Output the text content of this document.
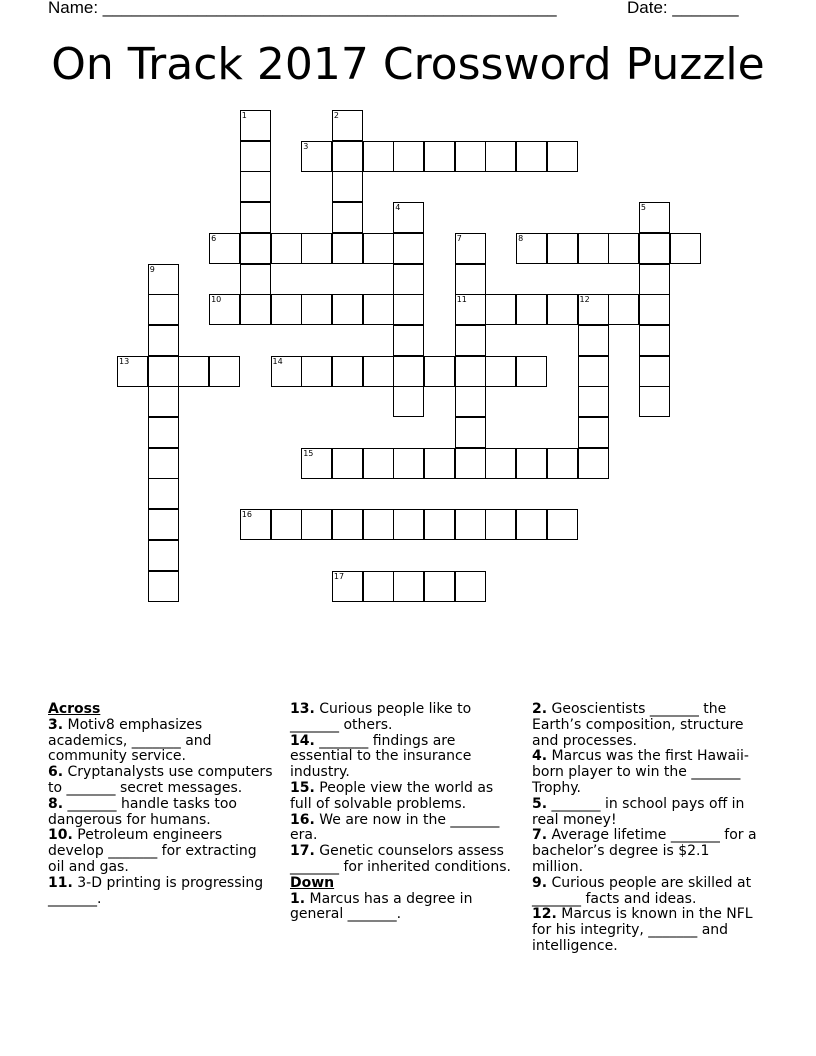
Name: ________________________________________________	Date: _______
On Track 2017 Crossword Puzzle
1	2
3
4	5
6	7
11
8
9
10	12
13	14
15
16
17

Across

3. Motiv8 emphasizes academics, _______ and community service.

6. Cryptanalysts use computers to _______ secret messages.

8. _______ handle tasks too dangerous for humans.

10. Petroleum engineers develop _______ for extracting oil and gas.

11. 3-D printing is progressing _______.

13. Curious people like to _______ others.

14. _______ findings are essential to the insurance industry.

15. People view the world as full of solvable problems.

16. We are now in the _______ era.

17. Genetic counselors assess _______ for inherited conditions.

Down

1. Marcus has a degree in general _______.

2. Geoscientists _______ the Earth’s composition, structure and processes.

4. Marcus was the first Hawaii-born player to win the _______ Trophy.

5. _______ in school pays off in real money!

7. Average lifetime _______ for a bachelor’s degree is $2.1 million.

9. Curious people are skilled at _______ facts and ideas.

12. Marcus is known in the NFL for his integrity, _______ and intelligence.
